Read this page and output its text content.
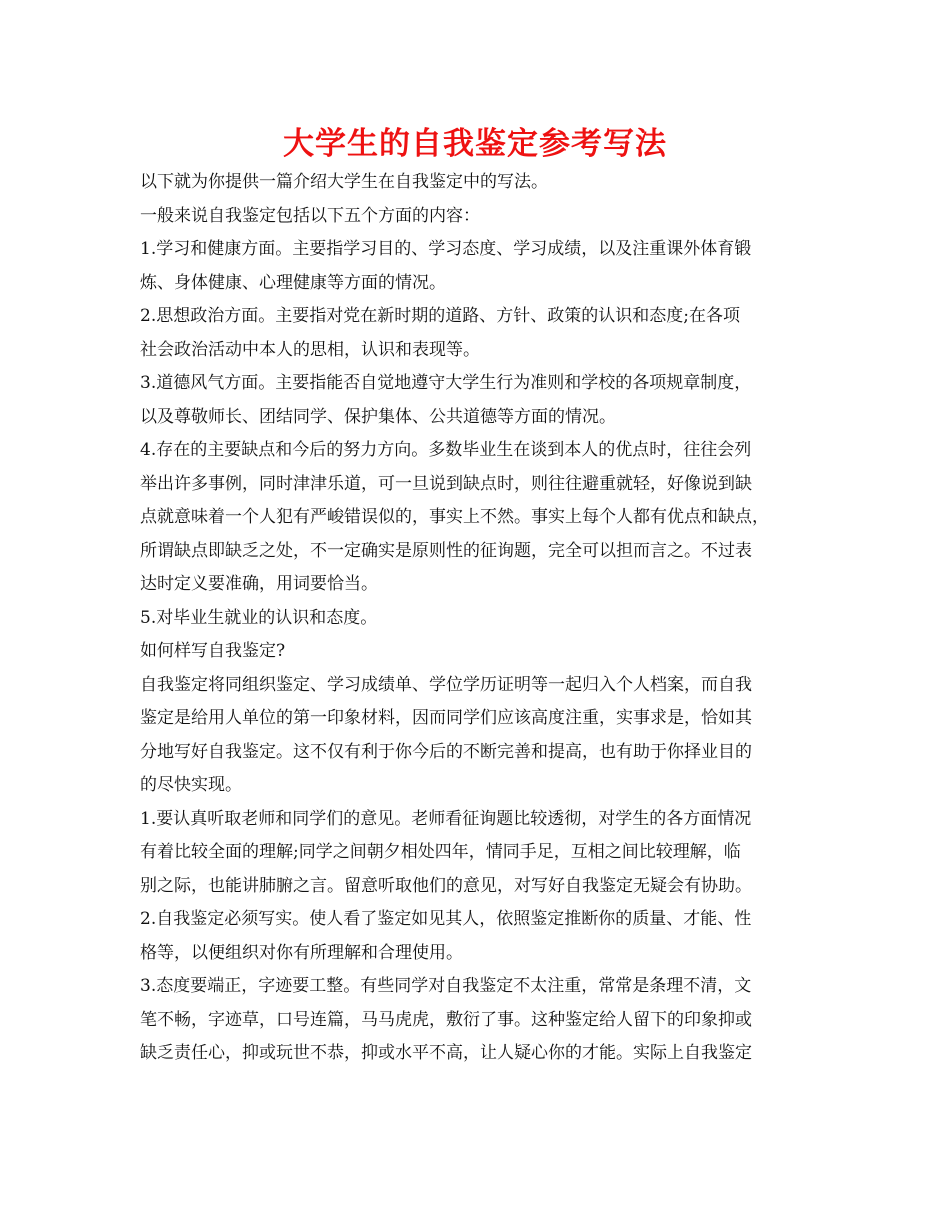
大学生的自我鉴定参考写法
以下就为你提供一篇介绍大学生在自我鉴定中的写法。
一般来说自我鉴定包括以下五个方面的内容：
1.学习和健康方面。主要指学习目的、学习态度、学习成绩，以及注重课外体育锻
炼、身体健康、心理健康等方面的情况。
2.思想政治方面。主要指对党在新时期的道路、方针、政策的认识和态度;在各项
社会政治活动中本人的思相，认识和表现等。
3.道德风气方面。主要指能否自觉地遵守大学生行为准则和学校的各项规章制度，
以及尊敬师长、团结同学、保护集体、公共道德等方面的情况。
4.存在的主要缺点和今后的努力方向。多数毕业生在谈到本人的优点时，往往会列
举出许多事例，同时津津乐道，可一旦说到缺点时，则往往避重就轻，好像说到缺
点就意味着一个人犯有严峻错误似的，事实上不然。事实上每个人都有优点和缺点，
所谓缺点即缺乏之处，不一定确实是原则性的征询题，完全可以担而言之。不过表
达时定义要准确，用词要恰当。
5.对毕业生就业的认识和态度。
如何样写自我鉴定?
自我鉴定将同组织鉴定、学习成绩单、学位学历证明等一起归入个人档案，而自我
鉴定是给用人单位的第一印象材料，因而同学们应该高度注重，实事求是，恰如其
分地写好自我鉴定。这不仅有利于你今后的不断完善和提高，也有助于你择业目的
的尽快实现。
1.要认真听取老师和同学们的意见。老师看征询题比较透彻，对学生的各方面情况
有着比较全面的理解;同学之间朝夕相处四年，情同手足，互相之间比较理解，临
别之际，也能讲肺腑之言。留意听取他们的意见，对写好自我鉴定无疑会有协助。
2.自我鉴定必须写实。使人看了鉴定如见其人，依照鉴定推断你的质量、才能、性
格等，以便组织对你有所理解和合理使用。
3.态度要端正，字迹要工整。有些同学对自我鉴定不太注重，常常是条理不清，文
笔不畅，字迹草，口号连篇，马马虎虎，敷衍了事。这种鉴定给人留下的印象抑或
缺乏责任心，抑或玩世不恭，抑或水平不高，让人疑心你的才能。实际上自我鉴定
